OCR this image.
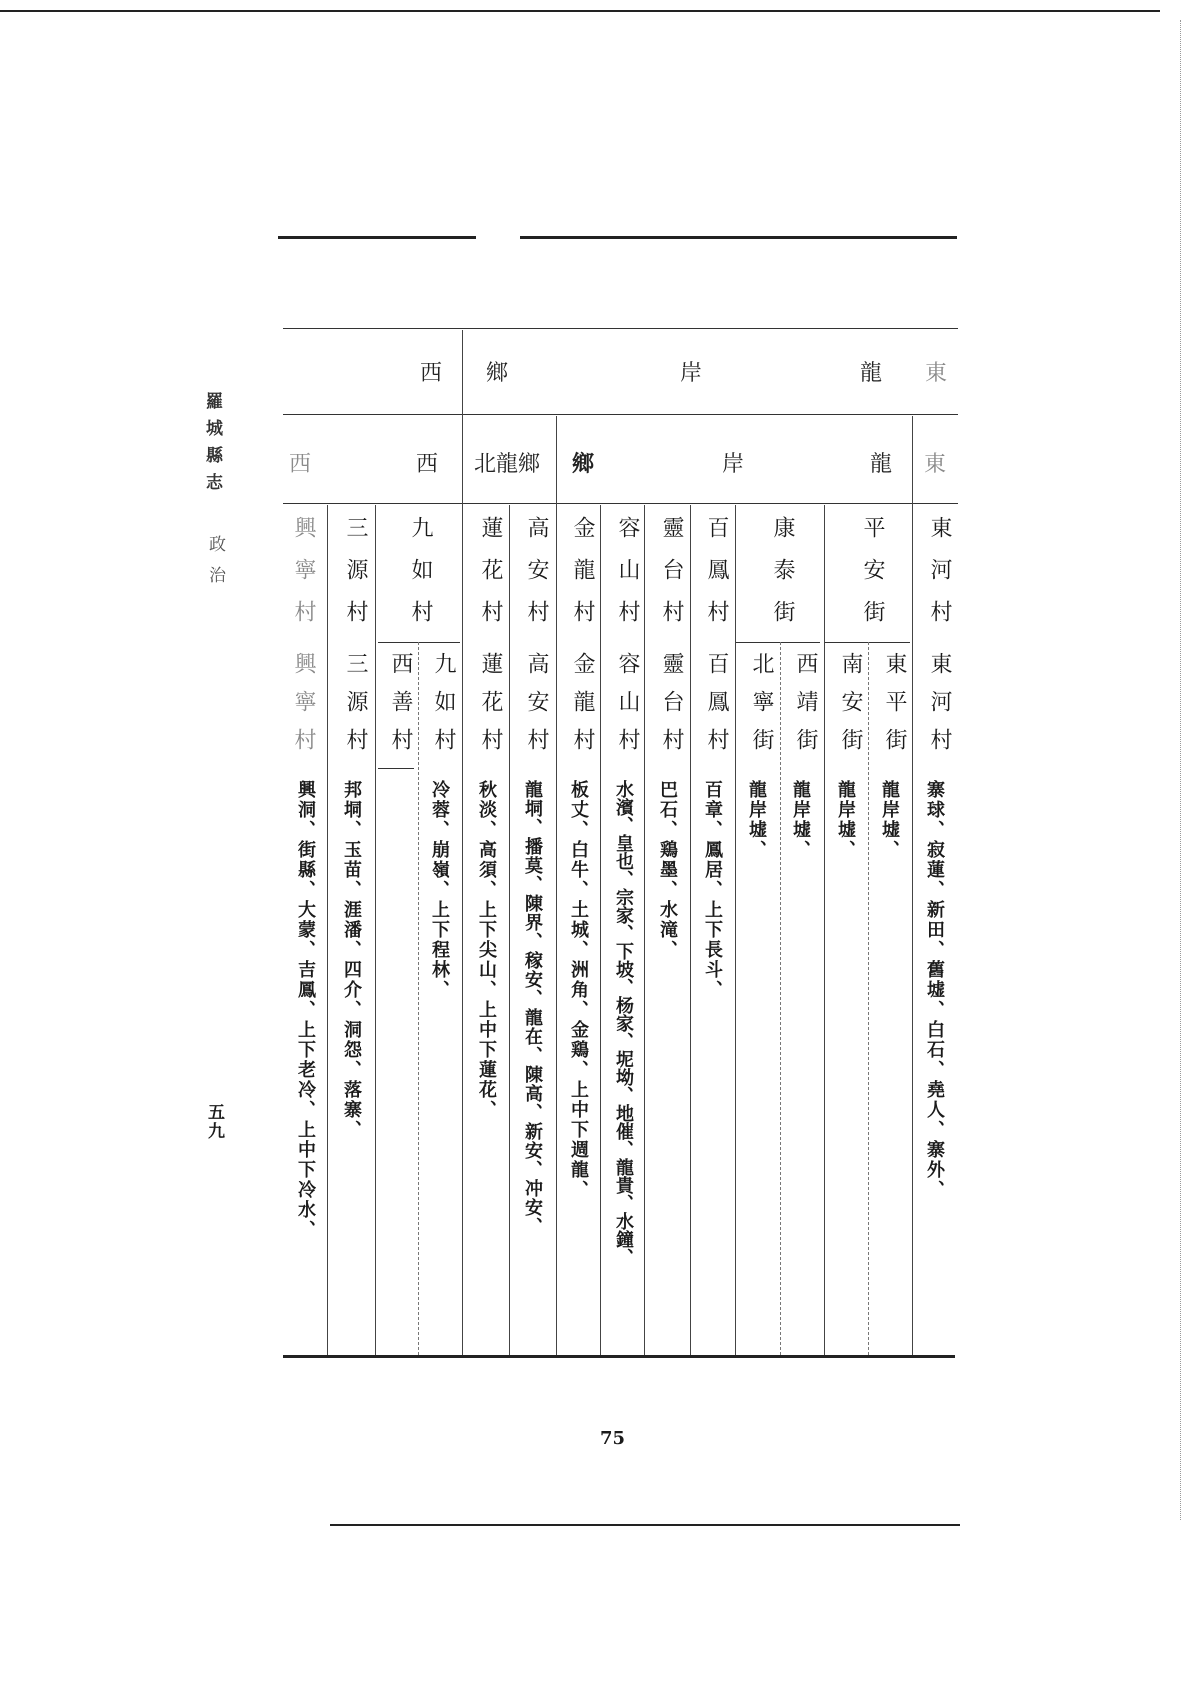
羅城縣志
政治
五九
龍
岸
鄉
西	東
龍
岸
鄉
北龍鄉
西	東
西
東河村
平安街
康泰街
百鳳村
靈台村
容山村
金龍村
高安村
蓮花村
九如村
三源村
興寧村
東河村
東平街
南安街
西靖街
北寧街
百鳳村
靈台村
容山村
金龍村
高安村
蓮花村
九如村
西善村
三源村
興寧村
寨球、寂蓮、新田、舊墟、白石、堯人、寨外、
龍岸墟、
龍岸墟、
龍岸墟、
龍岸墟、
百章、鳳居、上下長斗、
巴石、鶏墨、水滝、
水濱、皇也、宗家、下坡、杨家、坭坳、地催、龍貴、水鐘、
板丈、白牛、土城、洲角、金鶏、上中下週龍、
龍垌、播莫、陳界、稼安、龍在、陳高、新安、冲安、
秋淡、高須、上下尖山、上中下蓮花、
冷蓉、崩嶺、上下程林、
邦垌、玉苗、涯潘、四介、洞怨、落寨、
興洞、街縣、大蒙、吉鳳、上下老冷、上中下冷水、
75
